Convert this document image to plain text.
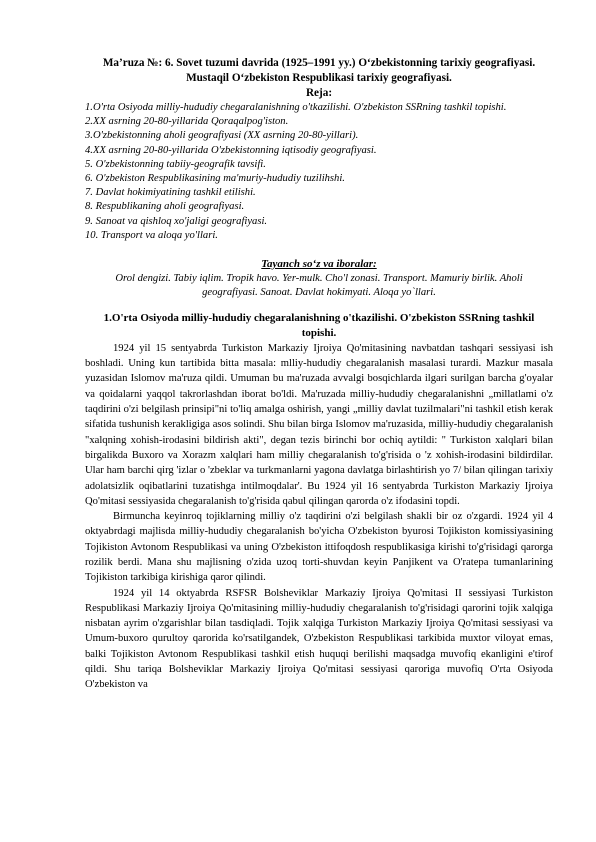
Ma’ruza №: 6. Sovet tuzumi davrida (1925–1991 yy.) O‘zbekistonning tarixiy geografiyasi.
Mustaqil O‘zbekiston Respublikasi tarixiy geografiyasi.
Reja:
1.O'rta Osiyoda milliy-hududiy chegaralanishning o'tkazilishi. O'zbekiston SSRning tashkil topishi.
2.XX asrning 20-80-yillarida Qoraqalpog'iston.
3.O'zbekistonning aholi geografiyasi (XX asrning 20-80-yillari).
4.XX asrning 20-80-yillarida O'zbekistonning iqtisodiy geografiyasi.
5. O'zbekistonning tabiiy-geografik tavsifi.
6. O'zbekiston Respublikasining ma'muriy-hududiy tuzilihshi.
7. Davlat hokimiyatining tashkil etilishi.
8. Respublikaning aholi geografiyasi.
9. Sanoat va qishloq xo'jaligi geografiyasi.
10. Transport va aloqa yo'llari.
Tayanch so‘z va iboralar:
Orol dengizi. Tabiy iqlim. Tropik havo. Yer-mulk. Cho'l zonasi. Transport. Mamuriy birlik. Aholi geografiyasi. Sanoat. Davlat hokimyati. Aloqa yo`llari.
1.O'rta Osiyoda milliy-hududiy chegaralanishning o'tkazilishi. O'zbekiston SSRning tashkil topishi.

1924 yil 15 sentyabrda Turkiston Markaziy Ijroiya Qo'mitasining navbatdan tashqari sessiyasi ish boshladi. Uning kun tartibida bitta masala: mlliy-hududiy chegaralanish masalasi turardi. Mazkur masala yuzasidan Islomov ma'ruza qildi. Umuman bu ma'ruzada avvalgi bosqichlarda ilgari surilgan barcha g'oyalar va qoidalarni yaqqol takrorlashdan iborat bo'ldi. Ma'ruzada milliy-hududiy chegaralanishni „millatlami o'z taqdirini o'zi belgilash prinsipi"ni to'liq amalga oshirish, yangi „milliy davlat tuzilmalari"ni tashkil etish kerak sifatida tushunish kerakligiga asos solindi. Shu bilan birga Islomov ma'ruzasida, milliy-hududiy chegaralanish "xalqning xohish-irodasini bildirish akti", degan tezis birinchi bor ochiq aytildi: " Turkiston xalqlari bilan birgalikda Buxoro va Xorazm xalqlari ham milliy chegaralanish to'g'risida o 'z xohish-irodasini bildirdilar. Ular ham barchi qirg 'izlar o 'zbeklar va turkmanlarni yagona davlatga birlashtirish yo 7/ bilan qilingan tarixiy adolatsizlik oqibatlarini tuzatishga intilmoqdalar'. Bu 1924 yil 16 sentyabrda Turkiston Markaziy Ijroiya Qo'mitasi sessiyasida chegaralanish to'g'risida qabul qilingan qarorda o'z ifodasini topdi.

Birmuncha keyinroq tojiklarning milliy o'z taqdirini o'zi belgilash shakli bir oz o'zgardi. 1924 yil 4 oktyabrdagi majlisda milliy-hududiy chegaralanish bo'yicha O'zbekiston byurosi Tojikiston komissiyasining Tojikiston Avtonom Respublikasi va uning O'zbekiston ittifoqdosh respublikasiga kirishi to'g'risidagi qarorga rozilik berdi. Mana shu majlisning o'zida uzoq torti-shuvdan keyin Panjikent va O'ratepa tumanlarining Tojikiston tarkibiga kirishiga qaror qilindi.

1924 yil 14 oktyabrda RSFSR Bolsheviklar Markaziy Ijroiya Qo'mitasi II sessiyasi Turkiston Respublikasi Markaziy Ijroiya Qo'mitasining milliy-hududiy chegaralanish to'g'risidagi qarorini tojik xalqiga nisbatan ayrim o'zgarishlar bilan tasdiqladi. Tojik xalqiga Turkiston Markaziy Ijroiya Qo'mitasi sessiyasi va Umum-buxoro qurultoy qarorida ko'rsatilgandek, O'zbekiston Respublikasi tarkibida muxtor viloyat emas, balki Tojikiston Avtonom Respublikasi tashkil etish huquqi berilishi maqsadga muvofiq ekanligini e'tirof qildi. Shu tariqa Bolsheviklar Markaziy Ijroiya Qo'mitasi sessiyasi qaroriga muvofiq O'rta Osiyoda O'zbekiston va
